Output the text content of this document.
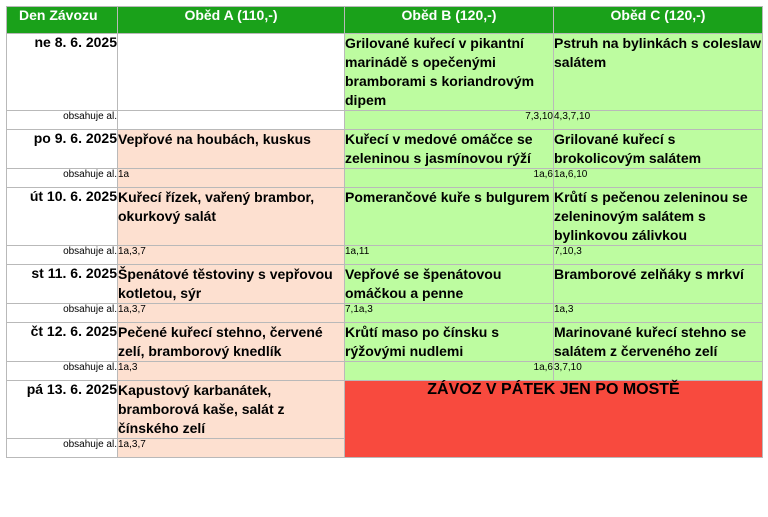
Den Závozu	Oběd A (110,-)	Oběd B (120,-)	Oběd C (120,-)
ne 8. 6. 2025		Grilované kuřecí v pikantní marinádě s opečenými bramborami s koriandrovým dipem	Pstruh na bylinkách s coleslaw salátem
obsahuje al.		7,3,10	4,3,7,10
po 9. 6. 2025	Vepřové na houbách, kuskus	Kuřecí v medové omáčce se zeleninou s jasmínovou rýží	Grilované kuřecí s brokolicovým salátem
obsahuje al.	1a	1a,6	1a,6,10
út 10. 6. 2025	Kuřecí řízek, vařený brambor, okurkový salát	Pomerančové kuře s bulgurem	Krůtí s pečenou zeleninou se zeleninovým salátem s bylinkovou zálivkou
obsahuje al.	1a,3,7	1a,11	7,10,3
st 11. 6. 2025	Špenátové těstoviny s vepřovou kotletou, sýr	Vepřové se špenátovou omáčkou a penne	Bramborové zelňáky s mrkví
obsahuje al.	1a,3,7	7,1a,3	1a,3
čt 12. 6. 2025	Pečené kuřecí stehno, červené zelí, bramborový knedlík	Krůtí maso po čínsku s rýžovými nudlemi	Marinované kuřecí stehno se salátem z červeného zelí
obsahuje al.	1a,3	1a,6	3,7,10
pá 13. 6. 2025	Kapustový karbanátek, bramborová kaše, salát z čínského zelí	ZÁVOZ V PÁTEK JEN PO MOSTĚ	
obsahuje al.	1a,3,7		
